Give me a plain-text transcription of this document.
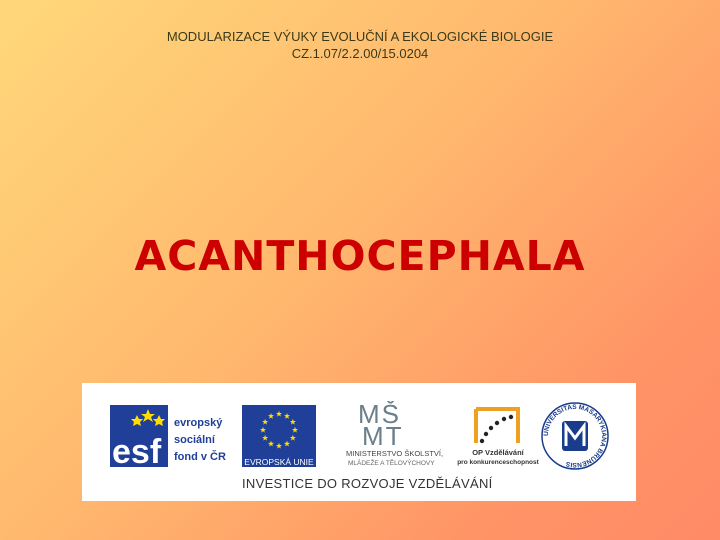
MODULARIZACE VÝUKY EVOLUČNÍ A EKOLOGICKÉ BIOLOGIE
CZ.1.07/2.2.00/15.0204
ACANTHOCEPHALA
esf
evropský
sociální
fond v ČR EVROPSKÁ UNIE
MŠ
MT
MINISTERSTVO ŠKOLSTVÍ,
MLÁDEŽE A TĚLOVÝCHOVY
OP Vzdělávání
pro konkurenceschopnost
UNIVERSITAS MASARYKIANA BRUNENSIS
INVESTICE DO ROZVOJE VZDĚLÁVÁNÍ
